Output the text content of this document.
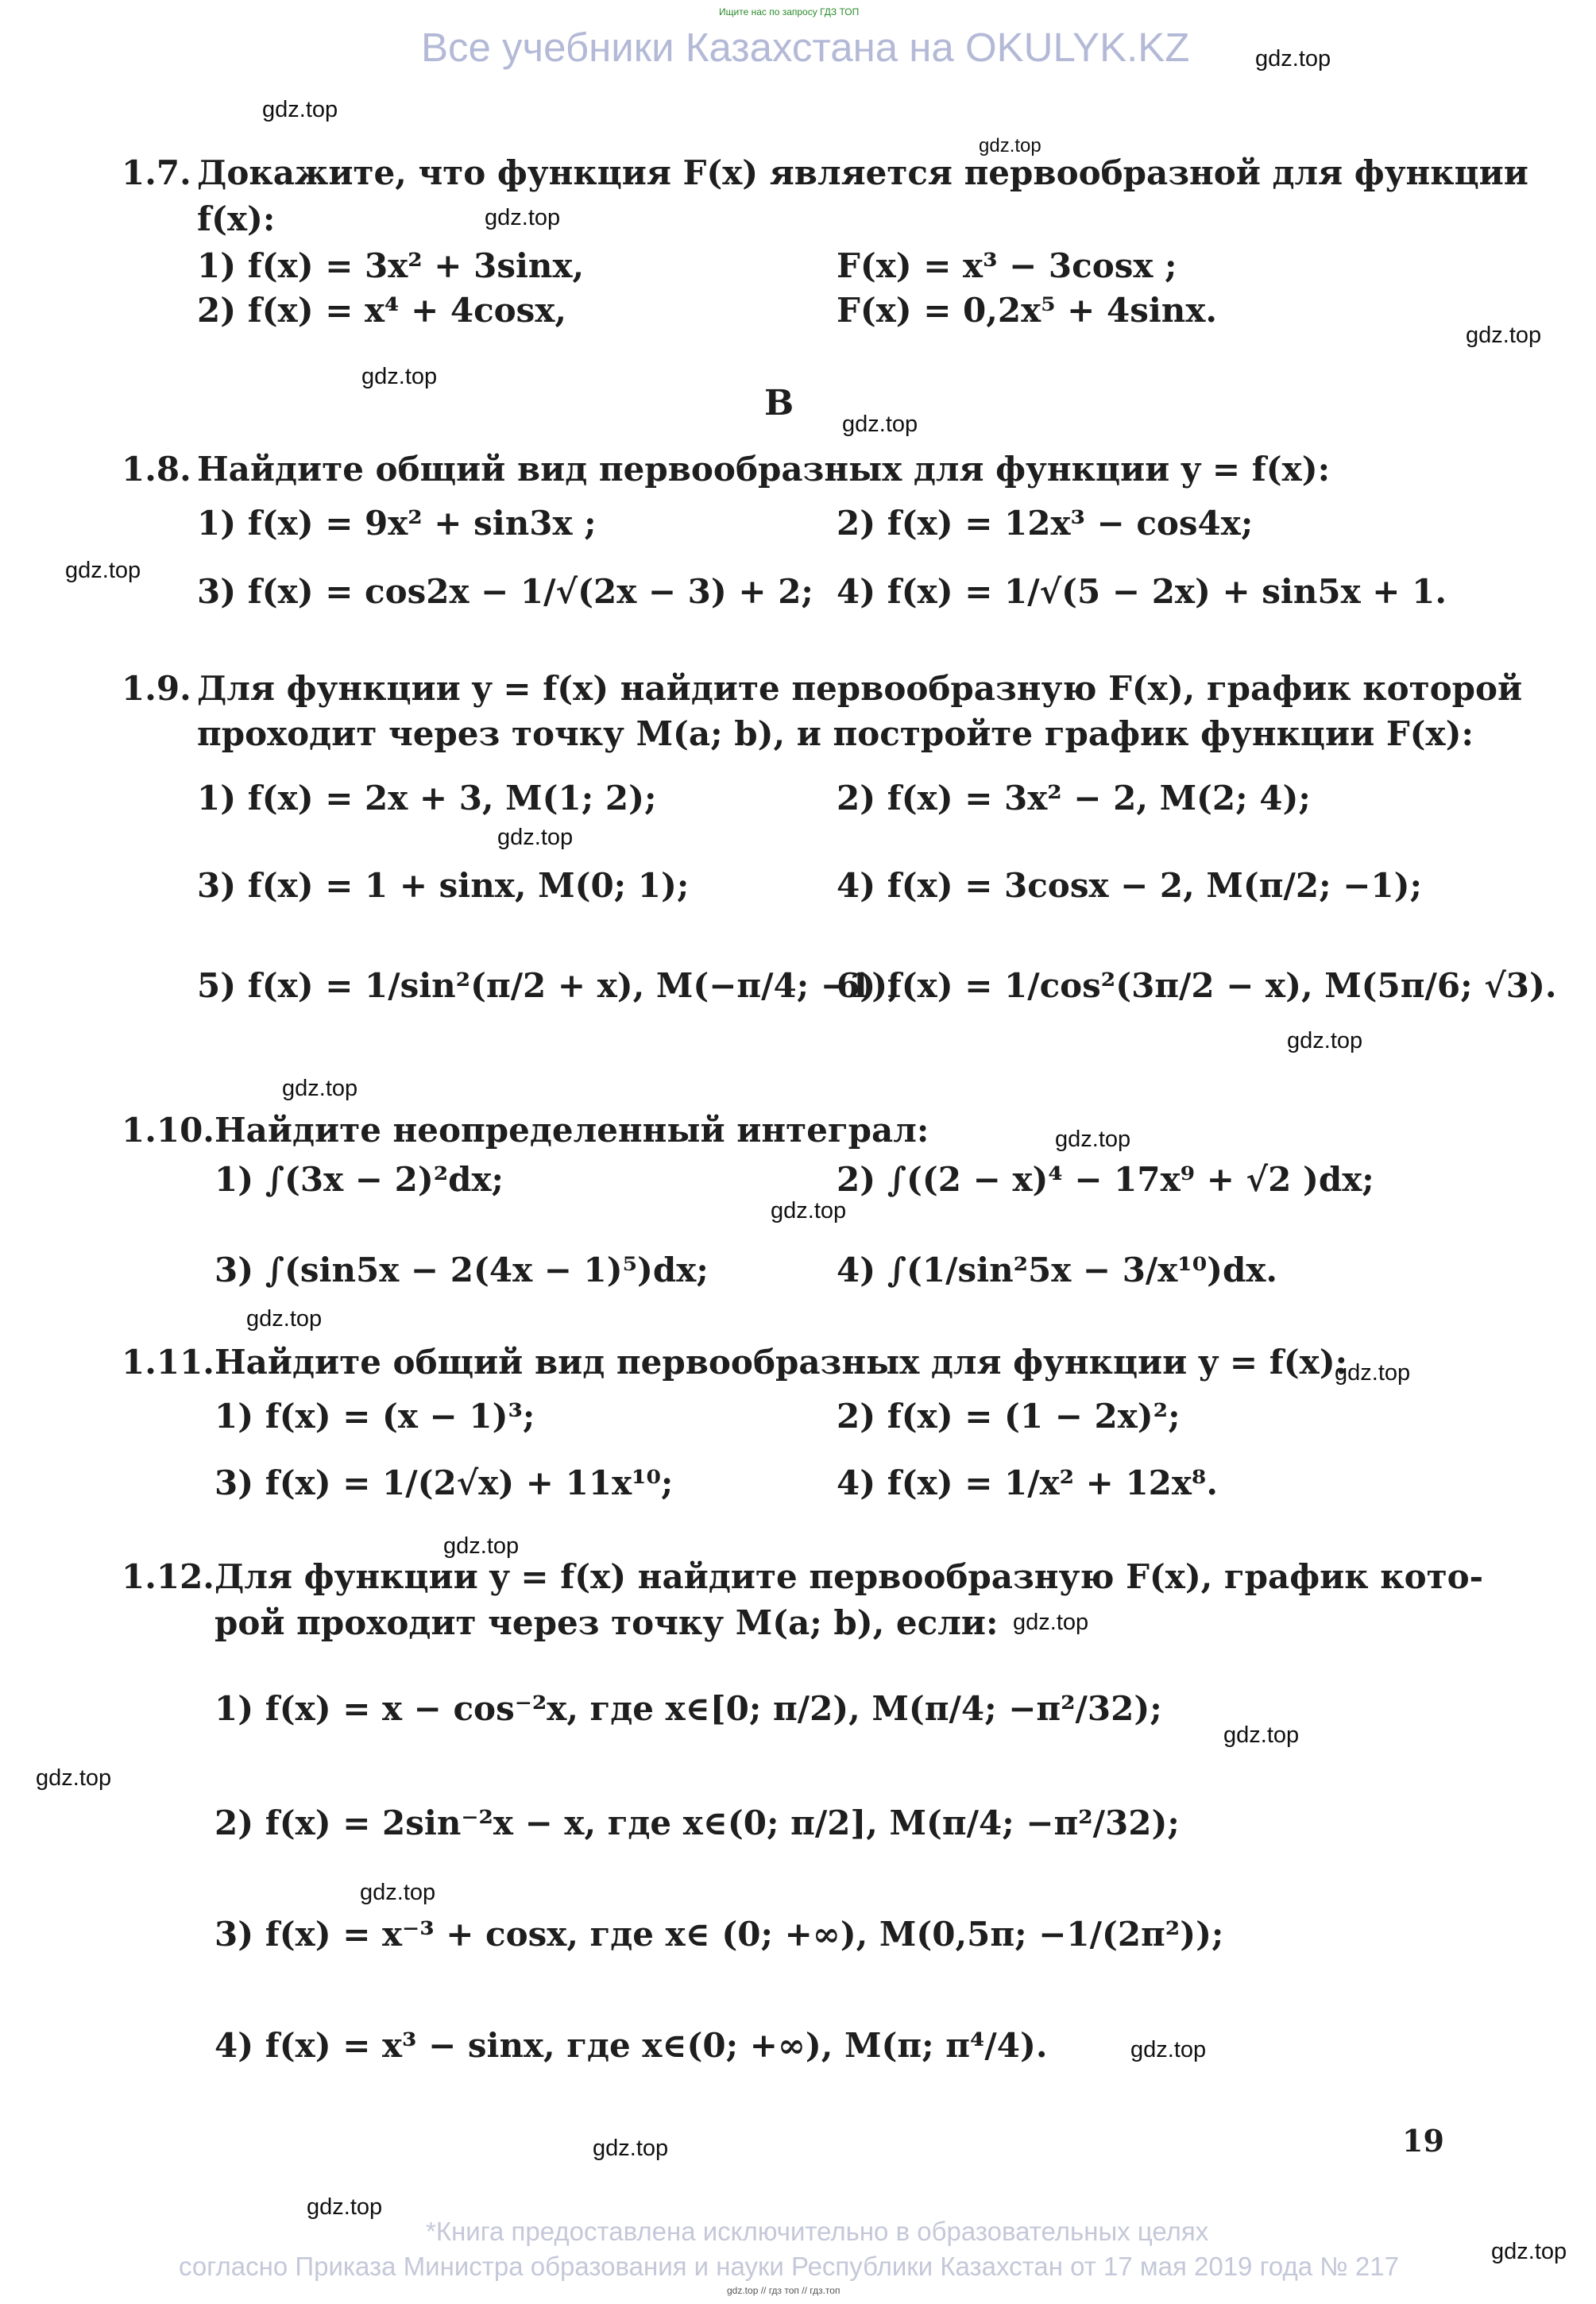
Ищите нас по запросу ГДЗ ТОП
Все учебники Казахстана на OKULYK.KZ	gdz.top
gdz.top
gdz.top
gdz.top
gdz.top
gdz.top
gdz.top
gdz.top
gdz.top
gdz.top
gdz.top
gdz.top
gdz.top
gdz.top
gdz.top
gdz.top
gdz.top
gdz.top
gdz.top
gdz.top
gdz.top
gdz.top
gdz.top
gdz.top
1.7. Докажите, что функция F(x) является первообразной для функции
f(x):
1) f(x) = 3x² + 3sinx,	F(x) = x³ − 3cosx ;
2) f(x) = x⁴ + 4cosx,	F(x) = 0,2x⁵ + 4sinx.
B
1.8. Найдите общий вид первообразных для функции y = f(x):
1) f(x) = 9x² + sin3x ;	2) f(x) = 12x³ − cos4x;
3) f(x) = cos2x − 1/√(2x − 3) + 2; 4) f(x) = 1/√(5 − 2x) + sin5x + 1.
1.9. Для функции y = f(x) найдите первообразную F(x), график которой
проходит через точку M(a; b), и постройте график функции F(x):
1) f(x) = 2x + 3, M(1; 2);	2) f(x) = 3x² − 2, M(2; 4);
3) f(x) = 1 + sinx, M(0; 1);	4) f(x) = 3cosx − 2, M(π/2; −1);
5) f(x) = 1/sin²(π/2 + x), M(−π/4; −1);
6) f(x) = 1/cos²(3π/2 − x), M(5π/6; √3).
1.10. Найдите неопределенный интеграл:
1) ∫(3x − 2)²dx;	2) ∫((2 − x)⁴ − 17x⁹ + √2 )dx;
3) ∫(sin5x − 2(4x − 1)⁵)dx;	4) ∫(1/sin²5x − 3/x¹⁰)dx.
1.11. Найдите общий вид первообразных для функции y = f(x):
1) f(x) = (x − 1)³;	2) f(x) = (1 − 2x)²;
3) f(x) = 1/(2√x) + 11x¹⁰;	4) f(x) = 1/x² + 12x⁸.
1.12. Для функции y = f(x) найдите первообразную F(x), график кото-
рой проходит через точку M(a; b), если:
1) f(x) = x − cos⁻²x, где x∈[0; π/2), M(π/4; −π²/32);
2) f(x) = 2sin⁻²x − x, где x∈(0; π/2], M(π/4; −π²/32);
3) f(x) = x⁻³ + cosx, где x∈ (0; +∞), M(0,5π; −1/(2π²));
4) f(x) = x³ − sinx, где x∈(0; +∞), M(π; π⁴/4).
19
*Книга предоставлена исключительно в образовательных целях
согласно Приказа Министра образования и науки Республики Казахстан от 17 мая 2019 года № 217
gdz.top // гдз топ // гдз.топ
